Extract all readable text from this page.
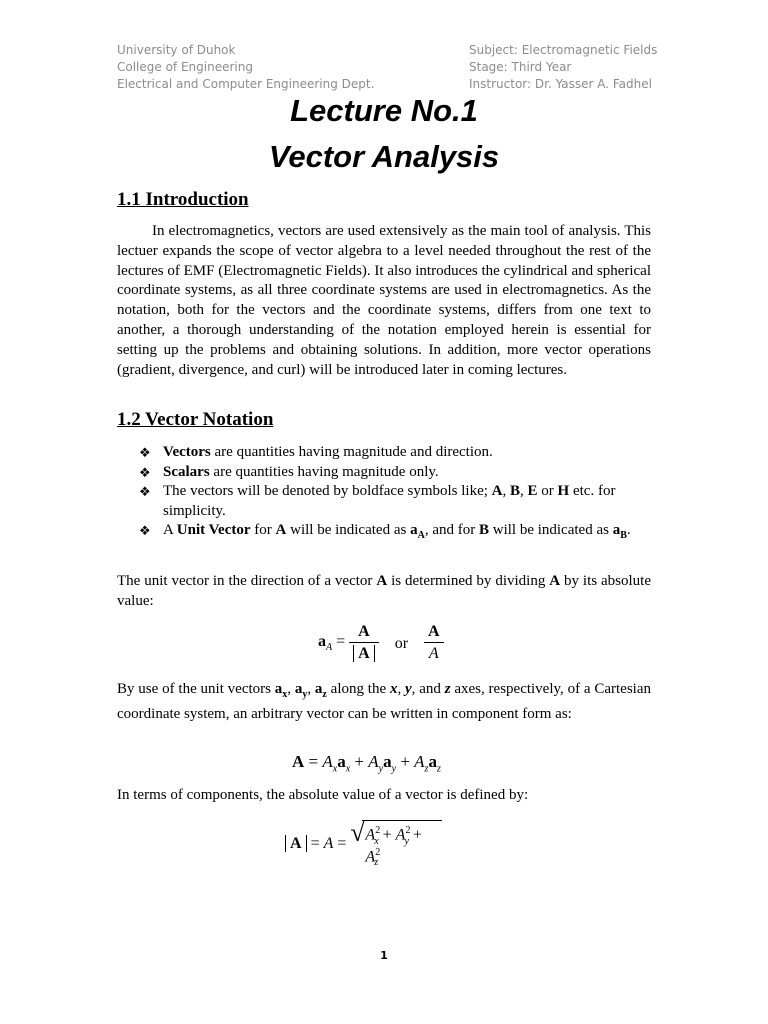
University of Duhok
College of Engineering
Electrical and Computer Engineering Dept.
Subject: Electromagnetic Fields
Stage: Third Year
Instructor: Dr. Yasser A. Fadhel
Lecture No.1
Vector Analysis
1.1 Introduction
In electromagnetics, vectors are used extensively as the main tool of analysis. This lectuer expands the scope of vector algebra to a level needed throughout the rest of the lectures of EMF (Electromagnetic Fields). It also introduces the cylindrical and spherical coordinate systems, as all three coordinate systems are used in electromagnetics. As the notation, both for the vectors and the coordinate systems, differs from one text to another, a thorough understanding of the notation employed herein is essential for setting up the problems and obtaining solutions. In addition, more vector operations (gradient, divergence, and curl) will be introduced later in coming lectures.
1.2 Vector Notation
❖ Vectors are quantities having magnitude and direction.
❖ Scalars are quantities having magnitude only.
❖ The vectors will be denoted by boldface symbols like; A, B, E or H etc. for simplicity.
❖ A Unit Vector for A will be indicated as $a_A$, and for B will be indicated as $a_B$.
The unit vector in the direction of a vector A is determined by dividing A by its absolute value:
$a_A = \frac{A}{A}$ or $\frac{A}{A}$
By use of the unit vectors $a_x$, $a_y$, $a_z$ along the x, y, and z axes, respectively, of a Cartesian coordinate system, an arbitrary vector can be written in component form as:
$A = A_xa_x + A_ya_y + A_za_z$
In terms of components, the absolute value of a vector is defined by:
A = A = √ $A^2_x + A^2_y + A^2_z$
1
